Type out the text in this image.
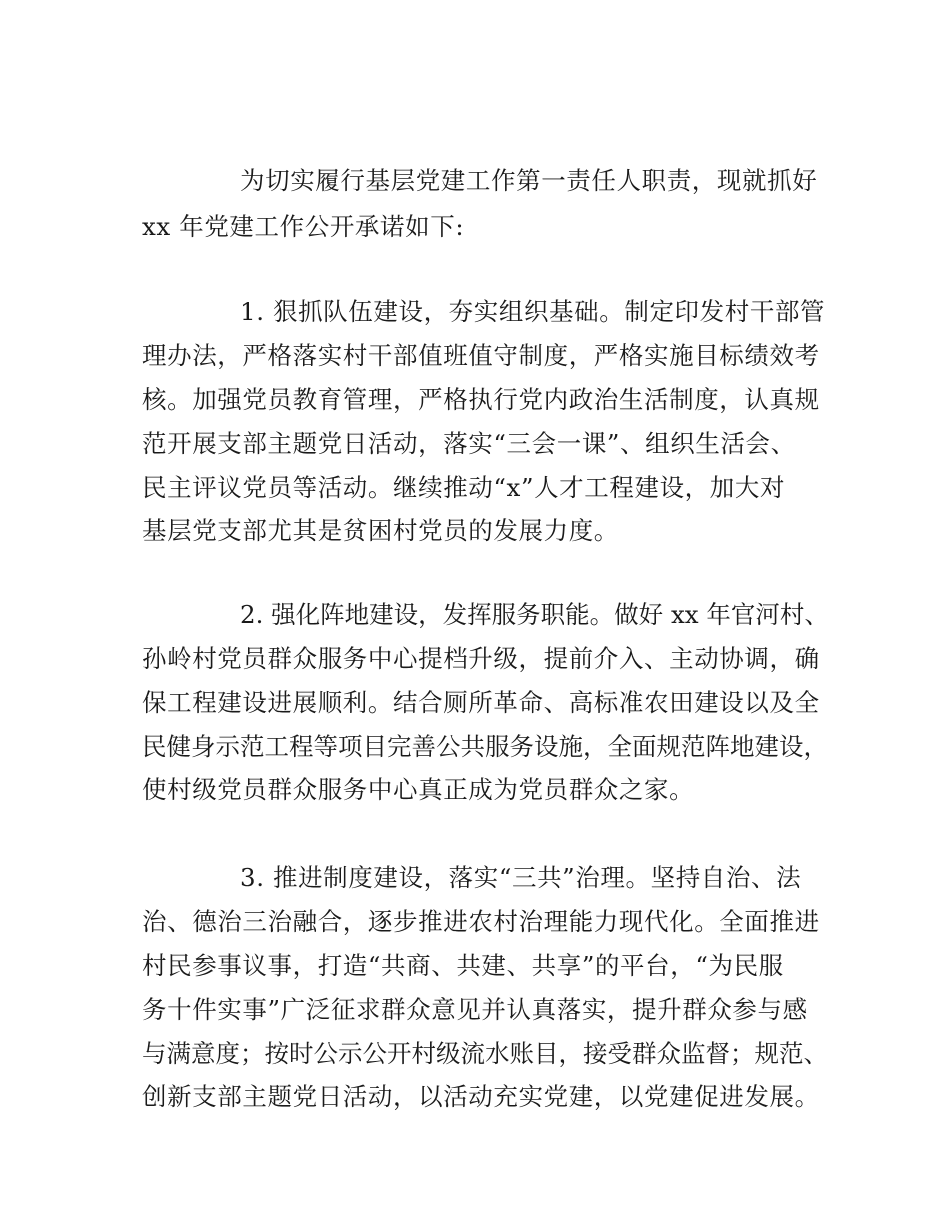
为切实履行基层党建工作第一责任人职责，现就抓好
xx 年党建工作公开承诺如下:
1. 狠抓队伍建设，夯实组织基础。制定印发村干部管
理办法，严格落实村干部值班值守制度，严格实施目标绩效考
核。加强党员教育管理，严格执行党内政治生活制度，认真规
范开展支部主题党日活动，落实“三会一课”、组织生活会、
民主评议党员等活动。继续推动“x”人才工程建设，加大对
基层党支部尤其是贫困村党员的发展力度。
2. 强化阵地建设，发挥服务职能。做好 xx 年官河村、
孙岭村党员群众服务中心提档升级，提前介入、主动协调，确
保工程建设进展顺利。结合厕所革命、高标准农田建设以及全
民健身示范工程等项目完善公共服务设施，全面规范阵地建设，
使村级党员群众服务中心真正成为党员群众之家。
3. 推进制度建设，落实“三共”治理。坚持自治、法
治、德治三治融合，逐步推进农村治理能力现代化。全面推进
村民参事议事，打造“共商、共建、共享”的平台，“为民服
务十件实事”广泛征求群众意见并认真落实，提升群众参与感
与满意度；按时公示公开村级流水账目，接受群众监督；规范、
创新支部主题党日活动，以活动充实党建，以党建促进发展。
